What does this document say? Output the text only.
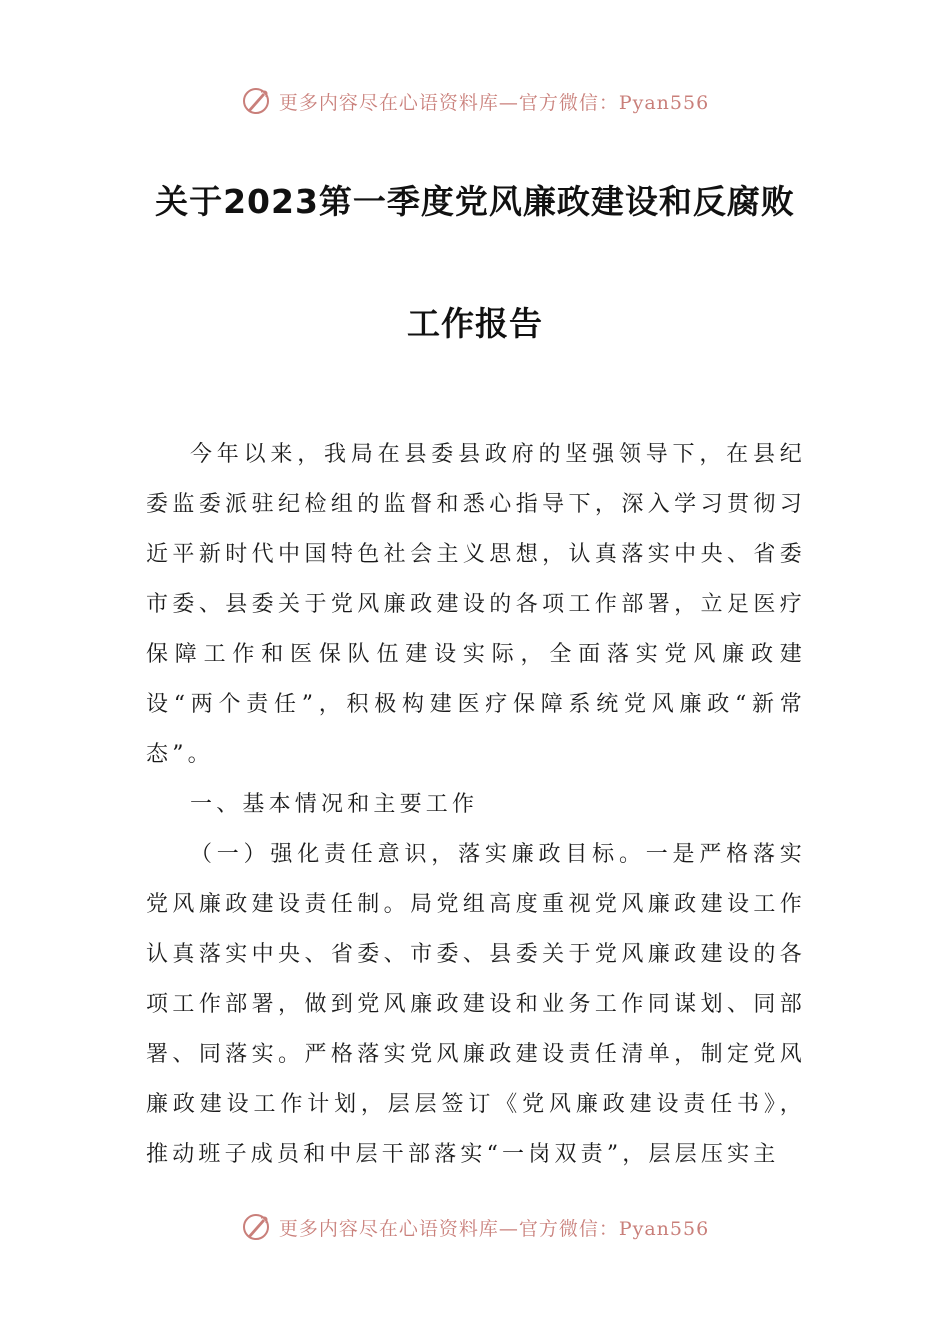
更多内容尽在心语资料库—官方微信：Pyan556
关于2023第一季度党风廉政建设和反腐败
工作报告

今年以来，我局在县委县政府的坚强领导下，在县纪委监委派驻纪检组的监督和悉心指导下，深入学习贯彻习近平新时代中国特色社会主义思想，认真落实中央、省委市委、县委关于党风廉政建设的各项工作部署，立足医疗保障工作和医保队伍建设实际，全面落实党风廉政建设“两个责任”，积极构建医疗保障系统党风廉政“新常态”。

一、基本情况和主要工作

（一）强化责任意识，落实廉政目标。一是严格落实党风廉政建设责任制。局党组高度重视党风廉政建设工作认真落实中央、省委、市委、县委关于党风廉政建设的各项工作部署，做到党风廉政建设和业务工作同谋划、同部署、同落实。严格落实党风廉政建设责任清单，制定党风廉政建设工作计划，层层签订《党风廉政建设责任书》，推动班子成员和中层干部落实“一岗双责”，层层压实主

更多内容尽在心语资料库—官方微信：Pyan556
